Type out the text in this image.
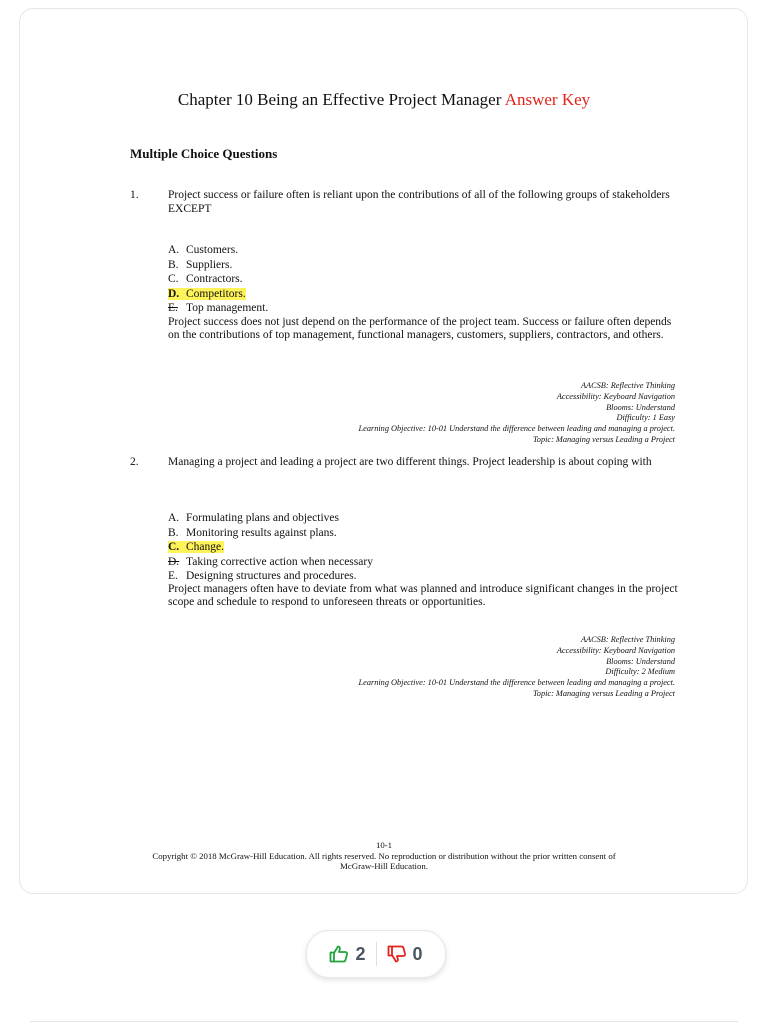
Chapter 10 Being an Effective Project Manager Answer Key
Multiple Choice Questions
1.	Project success or failure often is reliant upon the contributions of all of the following groups of stakeholders EXCEPT
A. Customers.
B. Suppliers.
C. Contractors.
D. Competitors.
E. Top management.
Project success does not just depend on the performance of the project team. Success or failure often depends on the contributions of top management, functional managers, customers, suppliers, contractors, and others.
AACSB: Reflective Thinking
Accessibility: Keyboard Navigation
Blooms: Understand
Difficulty: 1 Easy
Learning Objective: 10-01 Understand the difference between leading and managing a project.
Topic: Managing versus Leading a Project
2.	Managing a project and leading a project are two different things. Project leadership is about coping with
A. Formulating plans and objectives
B. Monitoring results against plans.
C. Change.
D. Taking corrective action when necessary
E. Designing structures and procedures.
Project managers often have to deviate from what was planned and introduce significant changes in the project scope and schedule to respond to unforeseen threats or opportunities.
AACSB: Reflective Thinking
Accessibility: Keyboard Navigation
Blooms: Understand
Difficulty: 2 Medium
Learning Objective: 10-01 Understand the difference between leading and managing a project.
Topic: Managing versus Leading a Project
10-1
Copyright © 2018 McGraw-Hill Education. All rights reserved. No reproduction or distribution without the prior written consent of
McGraw-Hill Education.
2	0
